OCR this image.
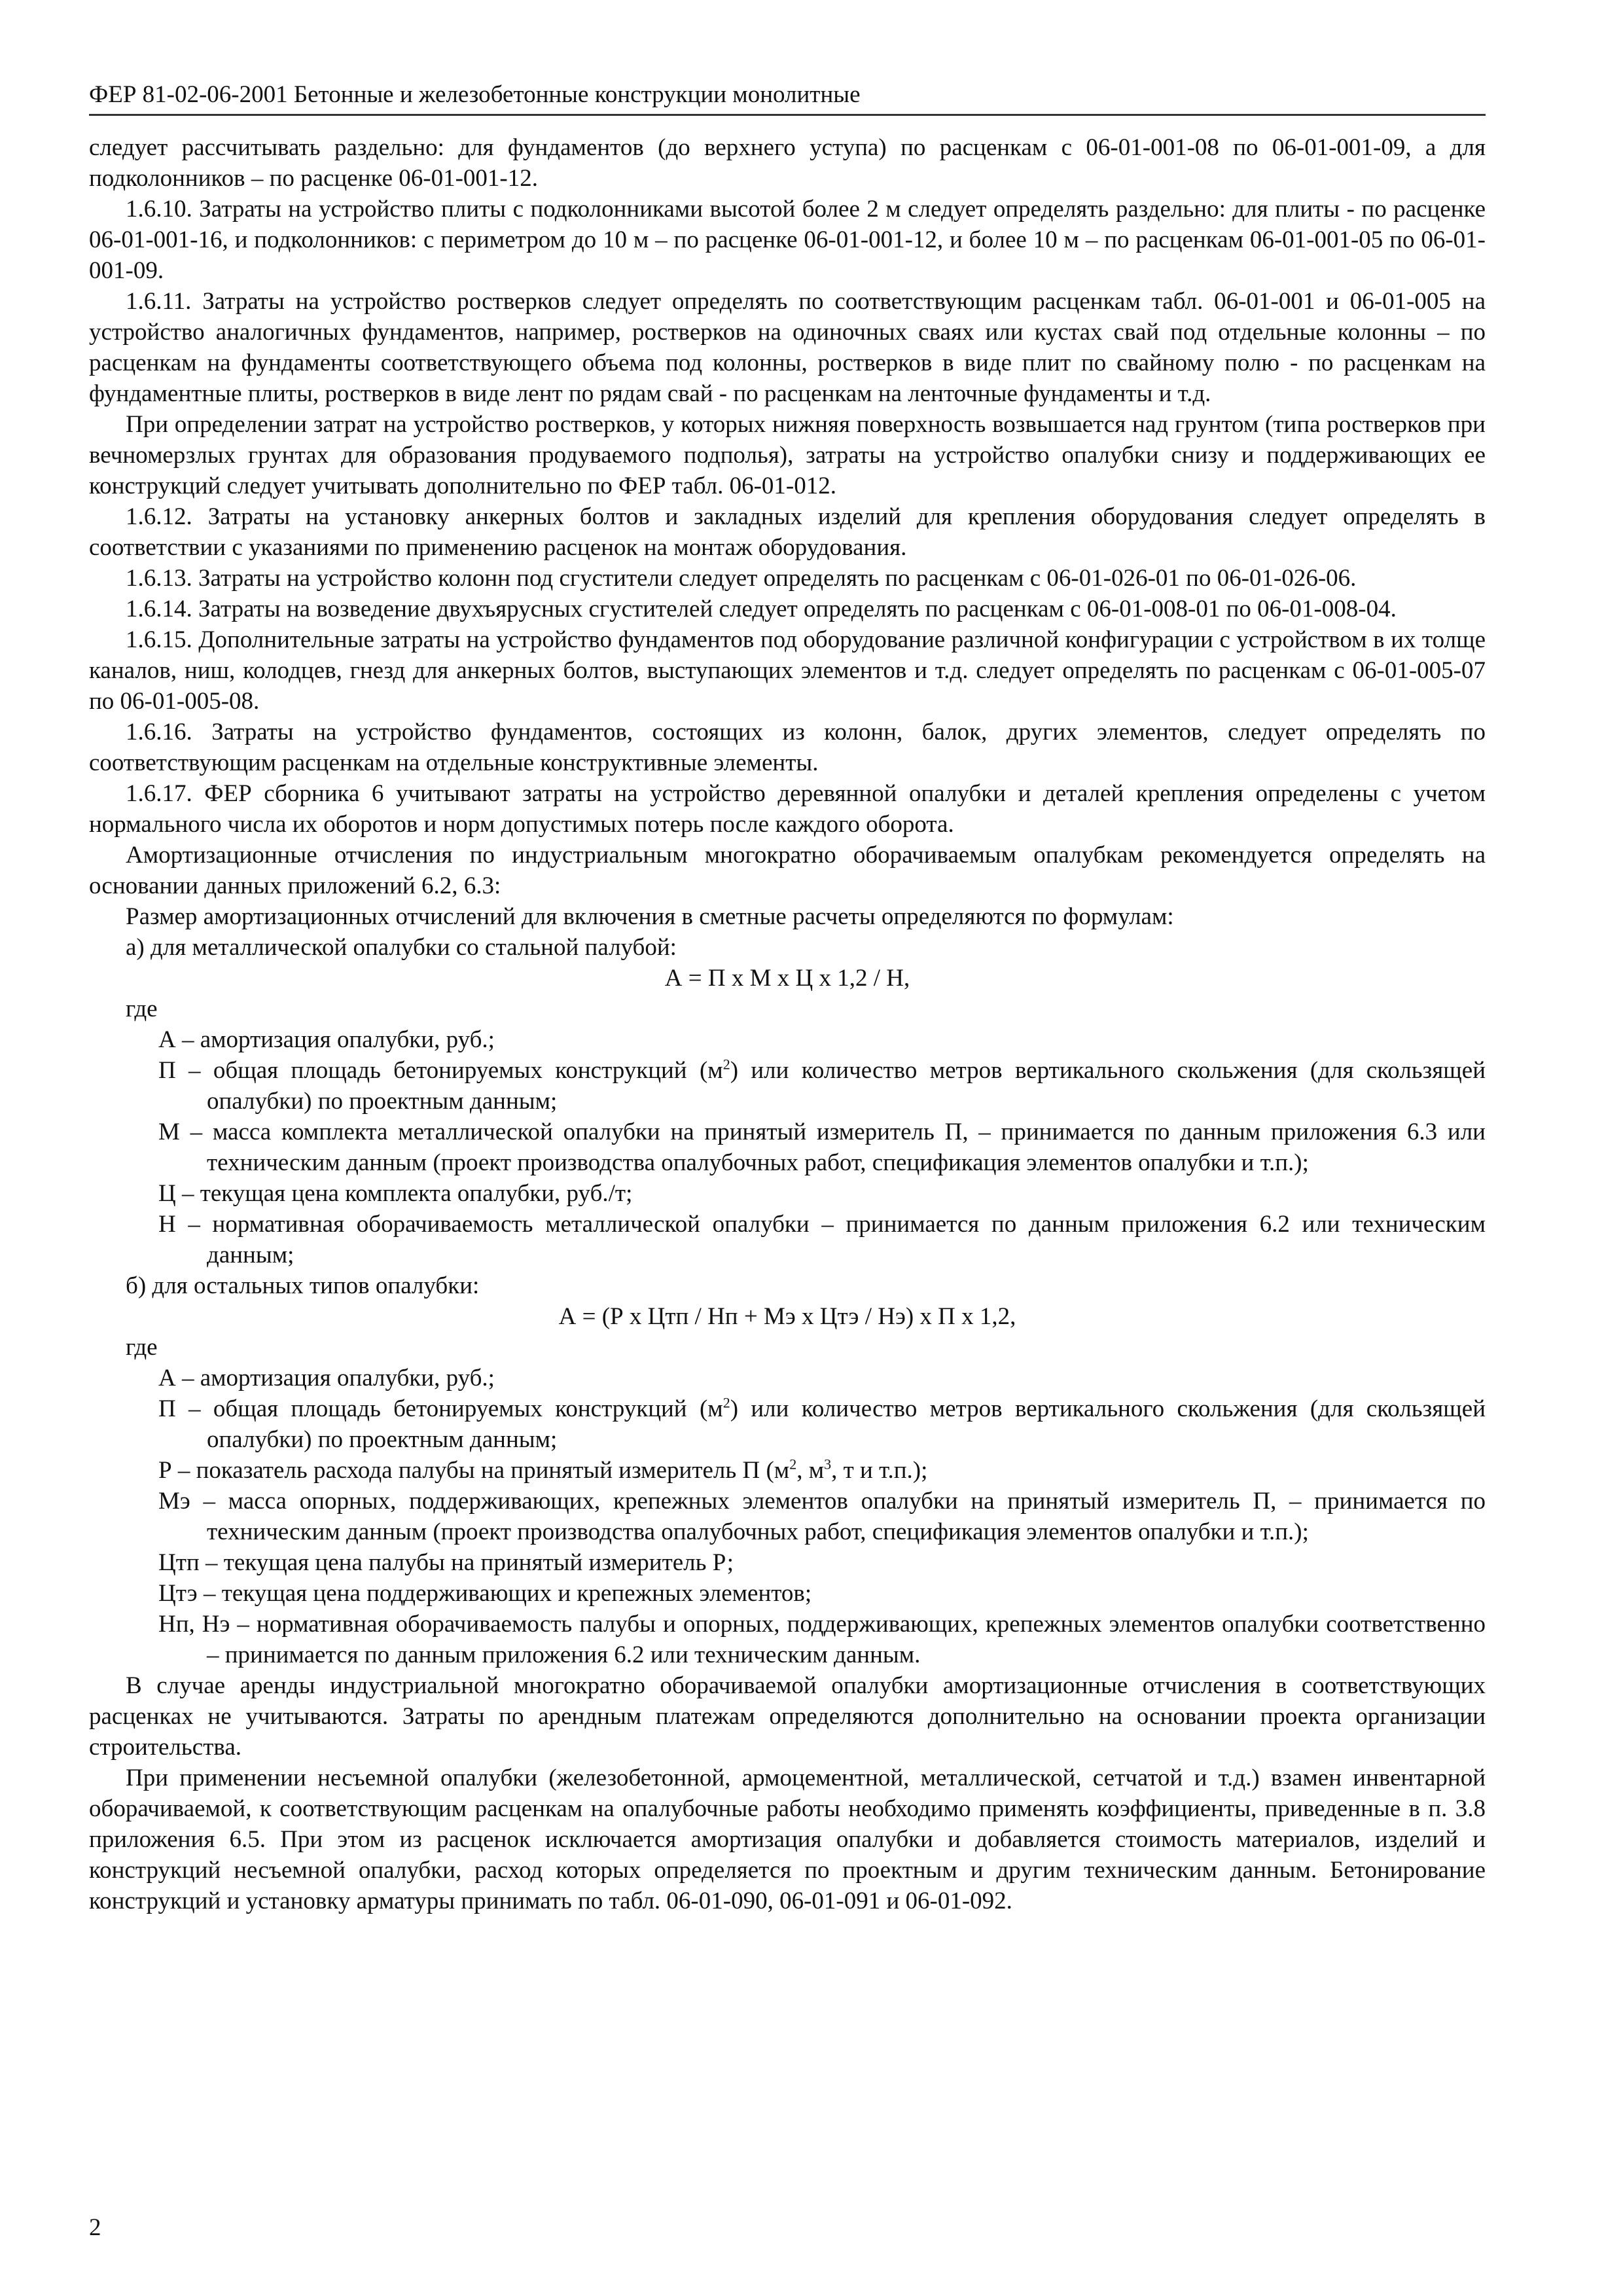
ФЕР 81-02-06-2001 Бетонные и железобетонные конструкции монолитные

следует рассчитывать раздельно: для фундаментов (до верхнего уступа) по расценкам с 06-01-001-08 по 06-01-001-09, а для подколонников – по расценке 06-01-001-12.

1.6.10. Затраты на устройство плиты с подколонниками высотой более 2 м следует определять раздельно: для плиты - по расценке 06-01-001-16, и подколонников: с периметром до 10 м – по расценке 06-01-001-12, и более 10 м – по расценкам 06-01-001-05 по 06-01-001-09.

1.6.11. Затраты на устройство ростверков следует определять по соответствующим расценкам табл. 06-01-001 и 06-01-005 на устройство аналогичных фундаментов, например, ростверков на одиночных сваях или кустах свай под отдельные колонны – по расценкам на фундаменты соответствующего объема под колонны, ростверков в виде плит по свайному полю - по расценкам на фундаментные плиты, ростверков в виде лент по рядам свай - по расценкам на ленточные фундаменты и т.д.

При определении затрат на устройство ростверков, у которых нижняя поверхность возвышается над грунтом (типа ростверков при вечномерзлых грунтах для образования продуваемого подполья), затраты на устройство опалубки снизу и поддерживающих ее конструкций следует учитывать дополнительно по ФЕР табл. 06-01-012.

1.6.12. Затраты на установку анкерных болтов и закладных изделий для крепления оборудования следует определять в соответствии с указаниями по применению расценок на монтаж оборудования.

1.6.13. Затраты на устройство колонн под сгустители следует определять по расценкам с 06-01-026-01 по 06-01-026-06.

1.6.14. Затраты на возведение двухъярусных сгустителей следует определять по расценкам с 06-01-008-01 по 06-01-008-04.

1.6.15. Дополнительные затраты на устройство фундаментов под оборудование различной конфигурации с устройством в их толще каналов, ниш, колодцев, гнезд для анкерных болтов, выступающих элементов и т.д. следует определять по расценкам с 06-01-005-07 по 06-01-005-08.

1.6.16. Затраты на устройство фундаментов, состоящих из колонн, балок, других элементов, следует определять по соответствующим расценкам на отдельные конструктивные элементы.

1.6.17. ФЕР сборника 6 учитывают затраты на устройство деревянной опалубки и деталей крепления определены с учетом нормального числа их оборотов и норм допустимых потерь после каждого оборота.

Амортизационные отчисления по индустриальным многократно оборачиваемым опалубкам рекомендуется определять на основании данных приложений 6.2, 6.3:

Размер амортизационных отчислений для включения в сметные расчеты определяются по формулам:

а) для металлической опалубки со стальной палубой:

А = П х М х Ц х 1,2 / Н,

где

А – амортизация опалубки, руб.;

П – общая площадь бетонируемых конструкций $(м^2)$ или количество метров вертикального скольжения (для скользящей опалубки) по проектным данным;

М – масса комплекта металлической опалубки на принятый измеритель П, – принимается по данным приложения 6.3 или техническим данным (проект производства опалубочных работ, спецификация элементов опалубки и т.п.);

Ц – текущая цена комплекта опалубки, руб./т;

Н – нормативная оборачиваемость металлической опалубки – принимается по данным приложения 6.2 или техническим данным;

б) для остальных типов опалубки:

А = (Р х Цтп / Нп + Мэ х Цтэ / Нэ) х П х 1,2,

где

А – амортизация опалубки, руб.;

П – общая площадь бетонируемых конструкций $(м^2)$ или количество метров вертикального скольжения (для скользящей опалубки) по проектным данным;

Р – показатель расхода палубы на принятый измеритель П ($м^2$, $м^3$, т и т.п.);

Мэ – масса опорных, поддерживающих, крепежных элементов опалубки на принятый измеритель П, – принимается по техническим данным (проект производства опалубочных работ, спецификация элементов опалубки и т.п.);

Цтп – текущая цена палубы на принятый измеритель Р;

Цтэ – текущая цена поддерживающих и крепежных элементов;

Нп, Нэ – нормативная оборачиваемость палубы и опорных, поддерживающих, крепежных элементов опалубки соответственно – принимается по данным приложения 6.2 или техническим данным.

В случае аренды индустриальной многократно оборачиваемой опалубки амортизационные отчисления в соответствующих расценках не учитываются. Затраты по арендным платежам определяются дополнительно на основании проекта организации строительства.

При применении несъемной опалубки (железобетонной, армоцементной, металлической, сетчатой и т.д.) взамен инвентарной оборачиваемой, к соответствующим расценкам на опалубочные работы необходимо применять коэффициенты, приведенные в п. 3.8 приложения 6.5. При этом из расценок исключается амортизация опалубки и добавляется стоимость материалов, изделий и конструкций несъемной опалубки, расход которых определяется по проектным и другим техническим данным. Бетонирование конструкций и установку арматуры принимать по табл. 06-01-090, 06-01-091 и 06-01-092.

2
